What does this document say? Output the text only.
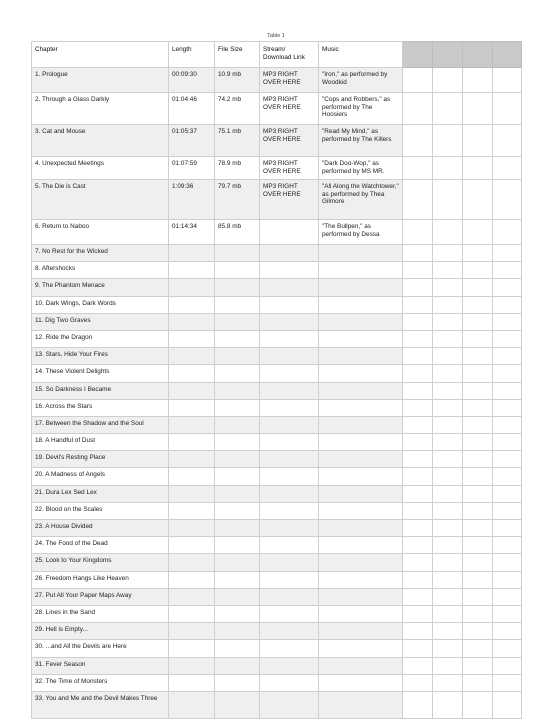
Table 1
Chapter	Length	File Size	Stream/ Download Link	Music				
1. Prologue	00:09:30	10.9 mb	MP3 RIGHT OVER HERE	"Iron," as performed by Woodkid				
2. Through a Glass Darkly	01:04:46	74.2 mb	MP3 RIGHT OVER HERE	"Cops and Robbers," as performed by The Hoosiers				
3. Cat and Mouse	01:05:37	75.1 mb	MP3 RIGHT OVER HERE	"Read My Mind," as performed by The Killers				
4. Unexpected Meetings	01:07:59	78.9 mb	MP3 RIGHT OVER HERE	"Dark Doo-Wop," as performed by MS MR.				
5. The Die is Cast	1:09:36	79.7 mb	MP3 RIGHT OVER HERE	"All Along the Watchtower," as performed by Thea Gilmore				
6. Return to Naboo	01:14:34	85.8 mb		"The Bullpen," as performed by Dessa				
7. No Rest for the Wicked								
8. Aftershocks								
9. The Phantom Menace								
10. Dark Wings, Dark Words								
11. Dig Two Graves								
12. Ride the Dragon								
13. Stars, Hide Your Fires								
14. These Violent Delights								
15. So Darkness I Became								
16. Across the Stars								
17. Between the Shadow and the Soul								
18. A Handful of Dust								
19. Devil's Resting Place								
20. A Madness of Angels								
21. Dura Lex Sed Lex								
22. Blood on the Scales								
23. A House Divided								
24. The Food of the Dead								
25. Look to Your Kingdoms								
26. Freedom Hangs Like Heaven								
27. Put All Your Paper Maps Away								
28. Lines in the Sand								
29. Hell is Empty...								
30. ...and All the Devils are Here								
31. Fever Season								
32. The Time of Monsters								
33. You and Me and the Devil Makes Three								
